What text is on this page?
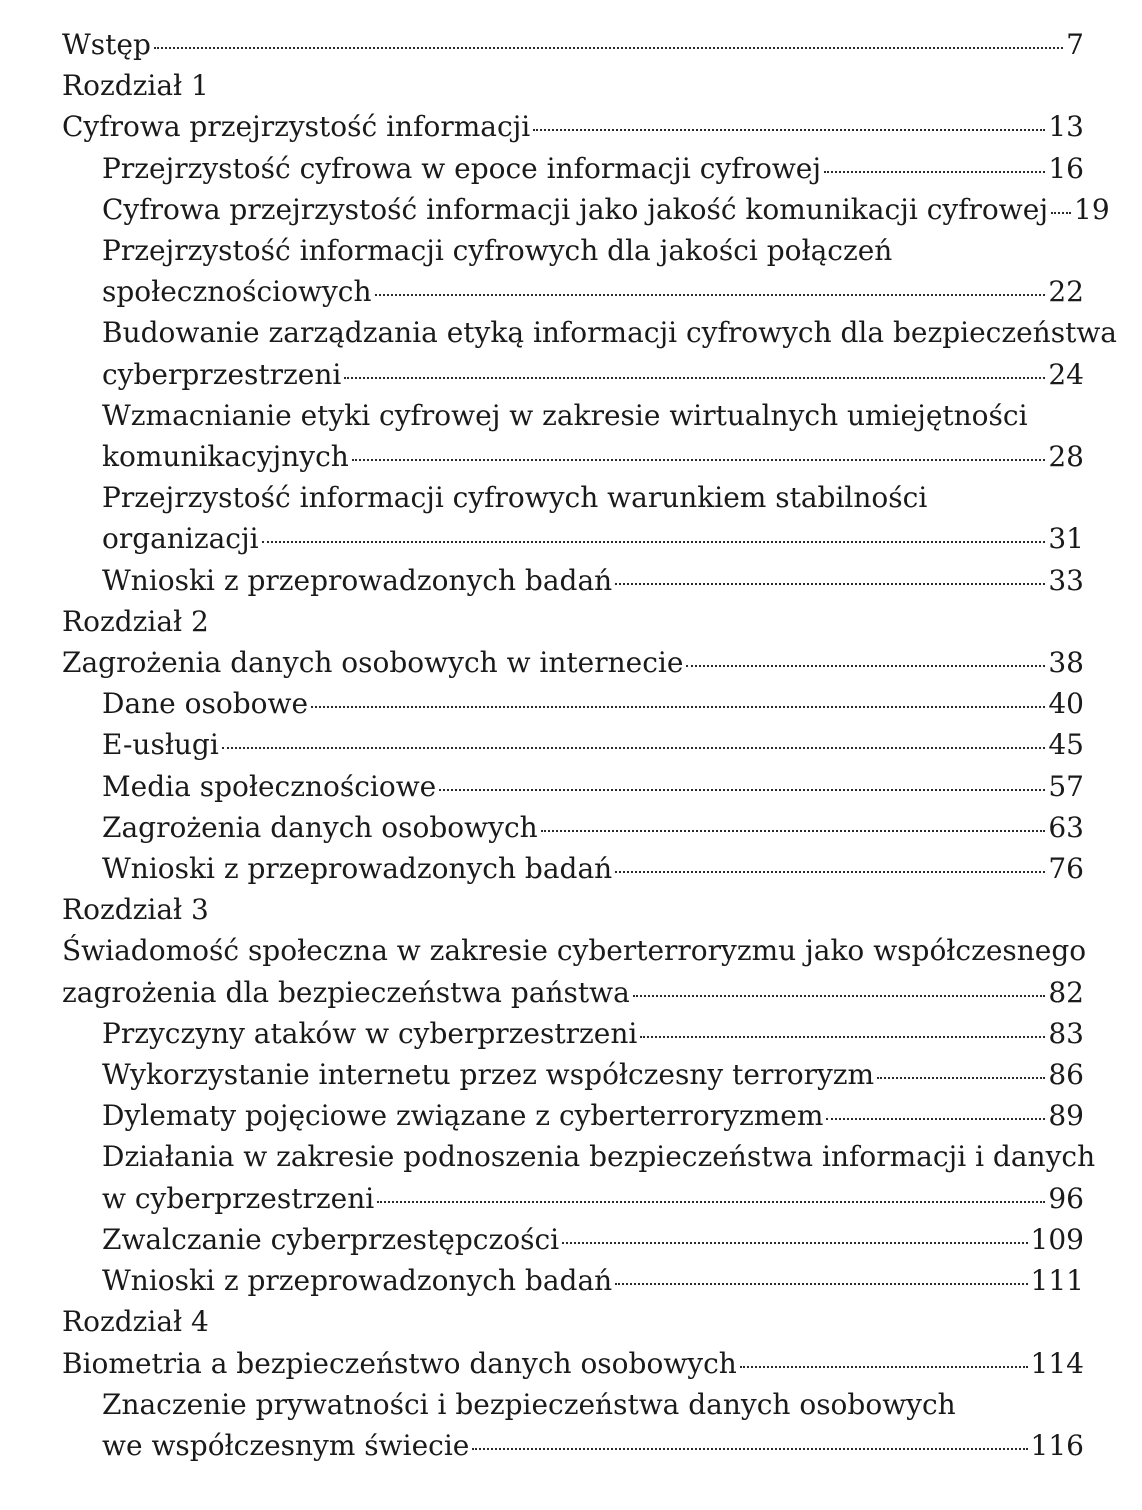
Wstęp	7
Rozdział 1
Cyfrowa przejrzystość informacji	13
Przejrzystość cyfrowa w epoce informacji cyfrowej	16
Cyfrowa przejrzystość informacji jako jakość komunikacji cyfrowej 19
Przejrzystość informacji cyfrowych dla jakości połączeń
społecznościowych	22
Budowanie zarządzania etyką informacji cyfrowych dla bezpieczeństwa
cyberprzestrzeni	24
Wzmacnianie etyki cyfrowej w zakresie wirtualnych umiejętności
komunikacyjnych	28
Przejrzystość informacji cyfrowych warunkiem stabilności
organizacji	31
Wnioski z przeprowadzonych badań	33
Rozdział 2
Zagrożenia danych osobowych w internecie	38
Dane osobowe	40
E-usługi	45
Media społecznościowe	57
Zagrożenia danych osobowych	63
Wnioski z przeprowadzonych badań	76
Rozdział 3
Świadomość społeczna w zakresie cyberterroryzmu jako współczesnego
zagrożenia dla bezpieczeństwa państwa	82
Przyczyny ataków w cyberprzestrzeni	83
Wykorzystanie internetu przez współczesny terroryzm	86
Dylematy pojęciowe związane z cyberterroryzmem	89
Działania w zakresie podnoszenia bezpieczeństwa informacji i danych
w cyberprzestrzeni	96
Zwalczanie cyberprzestępczości	109
Wnioski z przeprowadzonych badań	111
Rozdział 4
Biometria a bezpieczeństwo danych osobowych	114
Znaczenie prywatności i bezpieczeństwa danych osobowych
we współczesnym świecie	116
